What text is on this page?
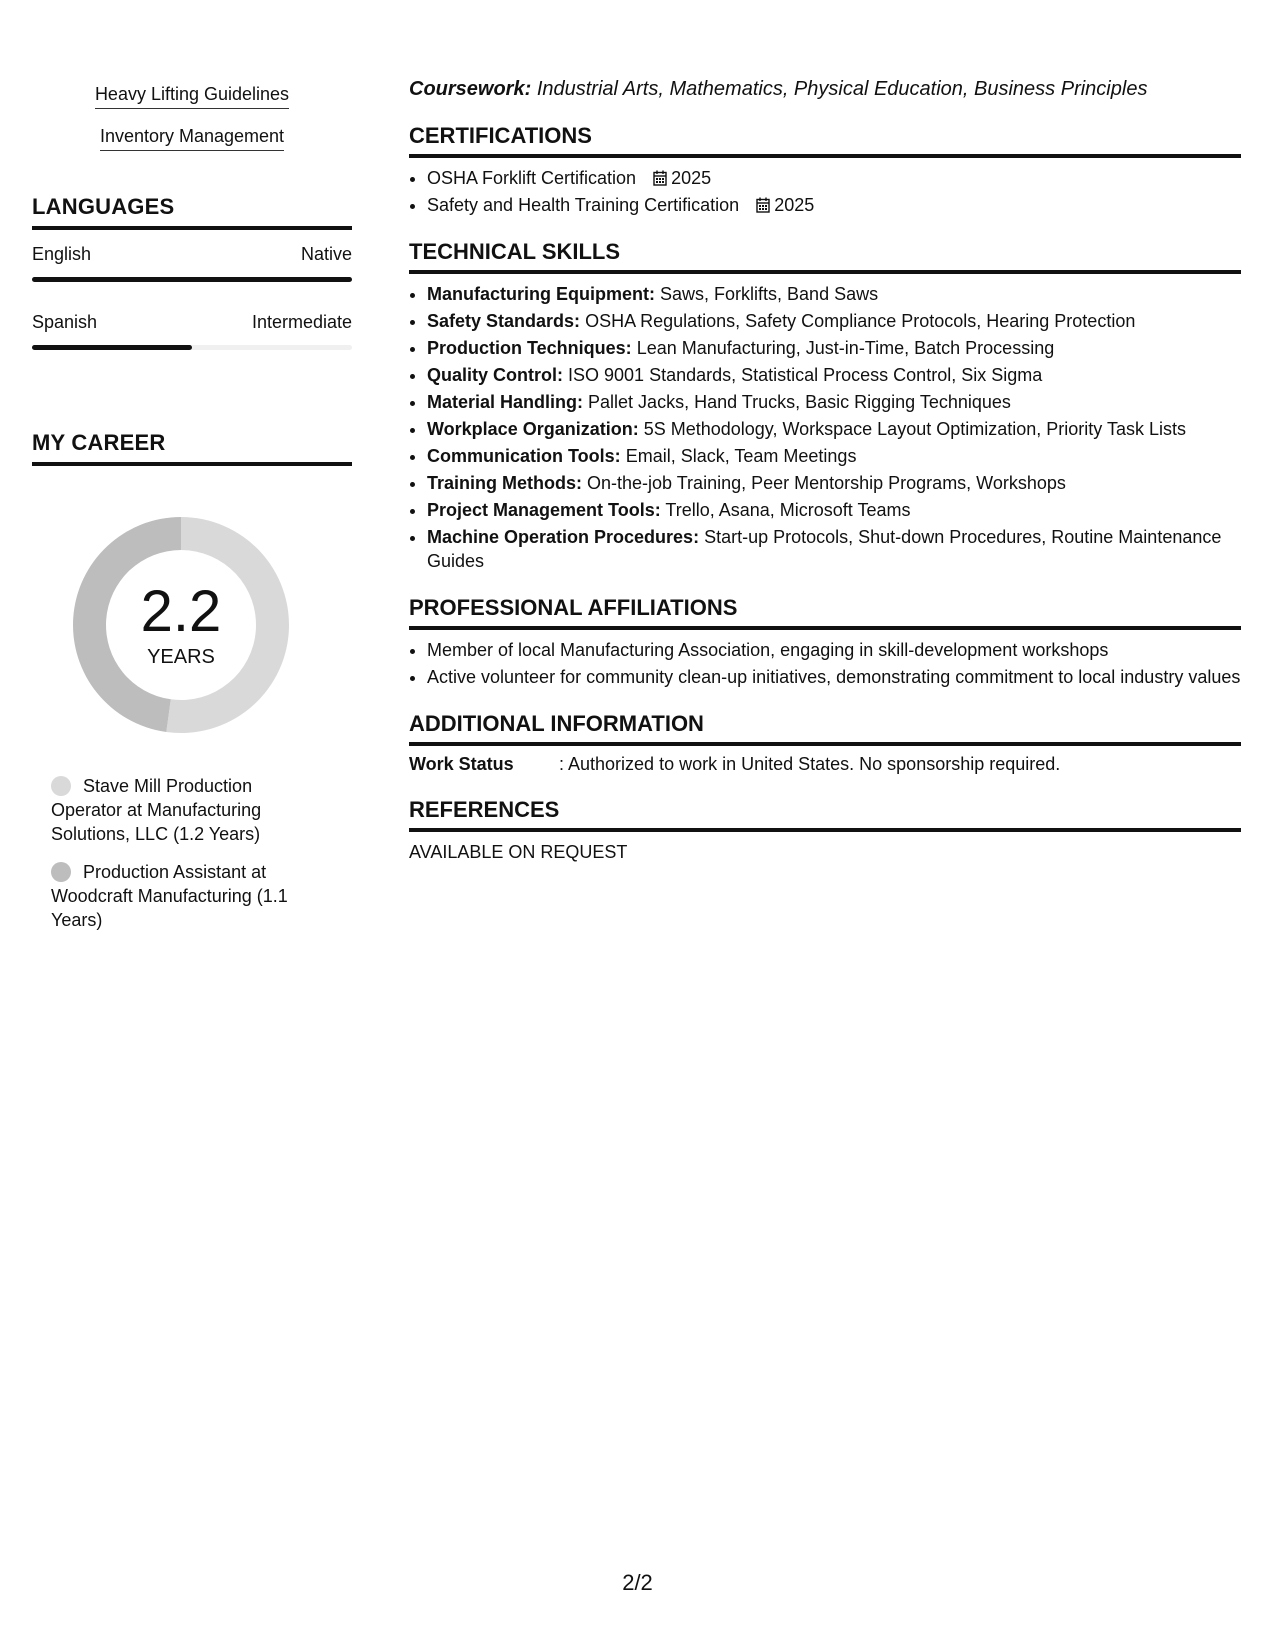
Heavy Lifting Guidelines
Inventory Management
LANGUAGES
English	Native
Spanish	Intermediate
MY CAREER
2.2
YEARS
Stave Mill Production Operator at Manufacturing Solutions, LLC (1.2 Years)
Production Assistant at Woodcraft Manufacturing (1.1 Years)
Coursework: Industrial Arts, Mathematics, Physical Education, Business Principles
CERTIFICATIONS
• OSHA Forklift Certification 2025
• Safety and Health Training Certification 2025
TECHNICAL SKILLS
• Manufacturing Equipment: Saws, Forklifts, Band Saws
• Safety Standards: OSHA Regulations, Safety Compliance Protocols, Hearing Protection
• Production Techniques: Lean Manufacturing, Just-in-Time, Batch Processing
• Quality Control: ISO 9001 Standards, Statistical Process Control, Six Sigma
• Material Handling: Pallet Jacks, Hand Trucks, Basic Rigging Techniques
• Workplace Organization: 5S Methodology, Workspace Layout Optimization, Priority Task Lists
• Communication Tools: Email, Slack, Team Meetings
• Training Methods: On-the-job Training, Peer Mentorship Programs, Workshops
• Project Management Tools: Trello, Asana, Microsoft Teams
• Machine Operation Procedures: Start-up Protocols, Shut-down Procedures, Routine Maintenance Guides
PROFESSIONAL AFFILIATIONS
• Member of local Manufacturing Association, engaging in skill-development workshops
• Active volunteer for community clean-up initiatives, demonstrating commitment to local industry values
ADDITIONAL INFORMATION
Work Status	: Authorized to work in United States. No sponsorship required.
REFERENCES
AVAILABLE ON REQUEST
2/2
